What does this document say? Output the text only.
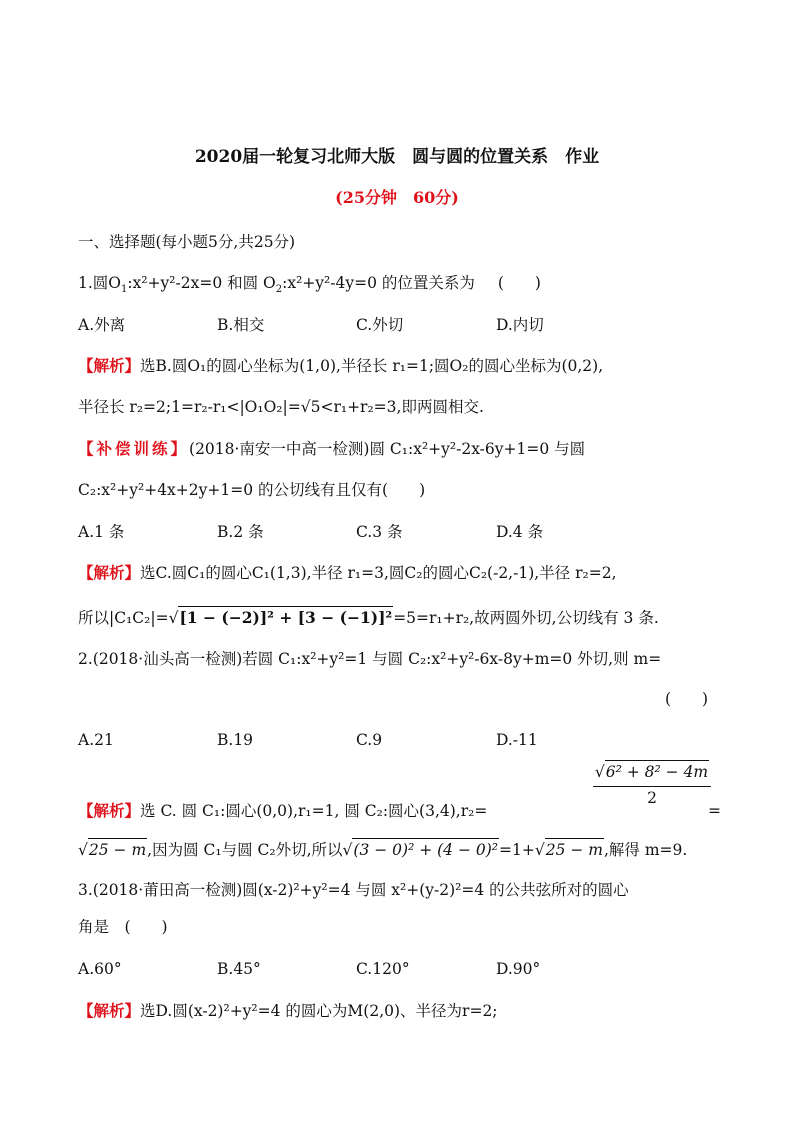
2020届一轮复习北师大版　圆与圆的位置关系　作业
(25分钟　60分)
一、选择题(每小题5分,共25分)
1.圆$O_1:x^2+y^2-2x=0$ 和圆 $O_2:x^2+y^2-4y=0$ 的位置关系为 (　　)
A.外离	B.相交	C.外切	D.内切
【解析】选B.圆O₁的圆心坐标为(1,0),半径长 r₁=1;圆O₂的圆心坐标为(0,2),
半径长 r₂=2;1=r₂-r₁<|O₁O₂|=√5<r₁+r₂=3,即两圆相交.
【补偿训练】(2018·南安一中高一检测)圆 C₁:x²+y²-2x-6y+1=0 与圆
C₂:x²+y²+4x+2y+1=0 的公切线有且仅有(　　)
A.1 条	B.2 条	C.3 条	D.4 条
【解析】选C.圆C₁的圆心C₁(1,3),半径 r₁=3,圆C₂的圆心C₂(-2,-1),半径 r₂=2,
所以|C₁C₂|=√[1 − (−2)]² + [3 − (−1)]²=5=r₁+r₂,故两圆外切,公切线有 3 条.
2.(2018·汕头高一检测)若圆 C₁:x²+y²=1 与圆 C₂:x²+y²-6x-8y+m=0 外切,则 m=
(　　)
A.21	B.19	C.9	D.-11
$\frac{\text{√6² + 8² − 4m}}{2}$
【解析】选 C. 圆 C₁:圆心(0,0),r₁=1, 圆 C₂:圆心(3,4),r₂=	=
√25 − m,因为圆 C₁与圆 C₂外切,所以√(3 − 0)² + (4 − 0)²=1+√25 − m,解得 m=9.
3.(2018·莆田高一检测)圆(x-2)²+y²=4 与圆 x²+(y-2)²=4 的公共弦所对的圆心
角是　(　　)
A.60°	B.45°	C.120°	D.90°
【解析】选D.圆(x-2)²+y²=4 的圆心为M(2,0)、半径为r=2;
